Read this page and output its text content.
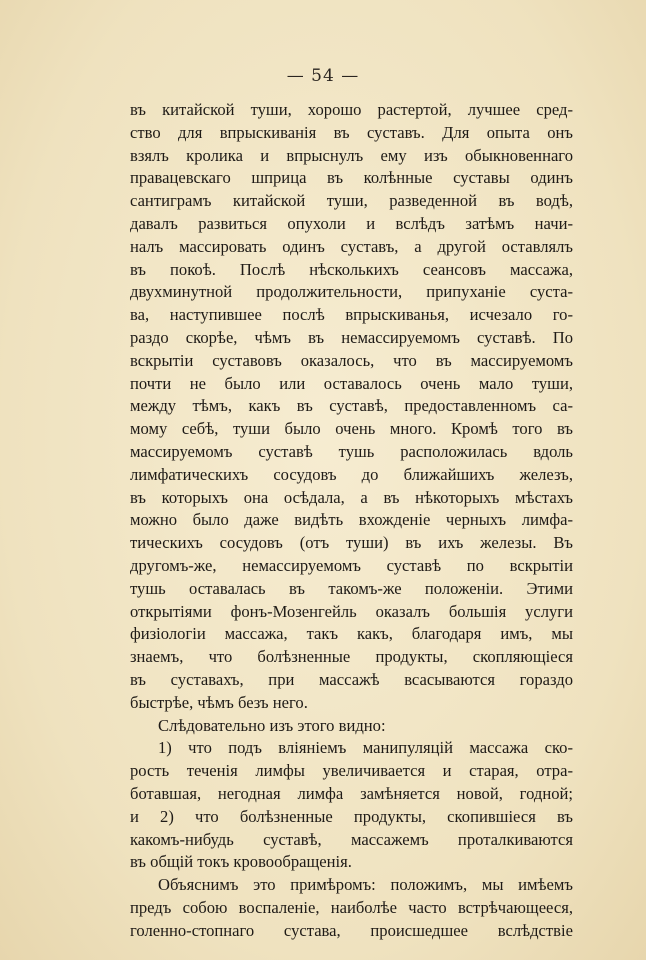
— 54 —
въ китайской туши, хорошо растертой, лучшее сред-
ство для впрыскиванія въ суставъ. Для опыта онъ
взялъ кролика и впрыснулъ ему изъ обыкновеннаго
правацевскаго шприца въ колѣнные суставы одинъ
сантиграмъ китайской туши, разведенной въ водѣ,
давалъ развиться опухоли и вслѣдъ затѣмъ начи-
налъ массировать одинъ суставъ, а другой оставлялъ
въ покоѣ. Послѣ нѣсколькихъ сеансовъ массажа,
двухминутной продолжительности, припуханіе суста-
ва, наступившее послѣ впрыскиванья, исчезало го-
раздо скорѣе, чѣмъ въ немассируемомъ суставѣ. По
вскрытіи суставовъ оказалось, что въ массируемомъ
почти не было или оставалось очень мало туши,
между тѣмъ, какъ въ суставѣ, предоставленномъ са-
мому себѣ, туши было очень много. Кромѣ того въ
массируемомъ суставѣ тушь расположилась вдоль
лимфатическихъ сосудовъ до ближайшихъ железъ,
въ которыхъ она осѣдала, а въ нѣкоторыхъ мѣстахъ
можно было даже видѣть вхожденіе черныхъ лимфа-
тическихъ сосудовъ (отъ туши) въ ихъ железы. Въ
другомъ-же, немассируемомъ суставѣ по вскрытіи
тушь оставалась въ такомъ-же положеніи. Этими
открытіями фонъ-Мозенгейль оказалъ большія услуги
физіологіи массажа, такъ какъ, благодаря имъ, мы
знаемъ, что болѣзненные продукты, скопляющіеся
въ суставахъ, при массажѣ всасываются гораздо
быстрѣе, чѣмъ безъ него.
Слѣдовательно изъ этого видно:
1) что подъ вліяніемъ манипуляцій массажа ско-
рость теченія лимфы увеличивается и старая, отра-
ботавшая, негодная лимфа замѣняется новой, годной;
и 2) что болѣзненные продукты, скопившіеся въ
какомъ-нибудь суставѣ, массажемъ проталкиваются
въ общій токъ кровообращенія.
Объяснимъ это примѣромъ: положимъ, мы имѣемъ
предъ собою воспаленіе, наиболѣе часто встрѣчающееся,
голенно-стопнаго сустава, происшедшее вслѣдствіе
